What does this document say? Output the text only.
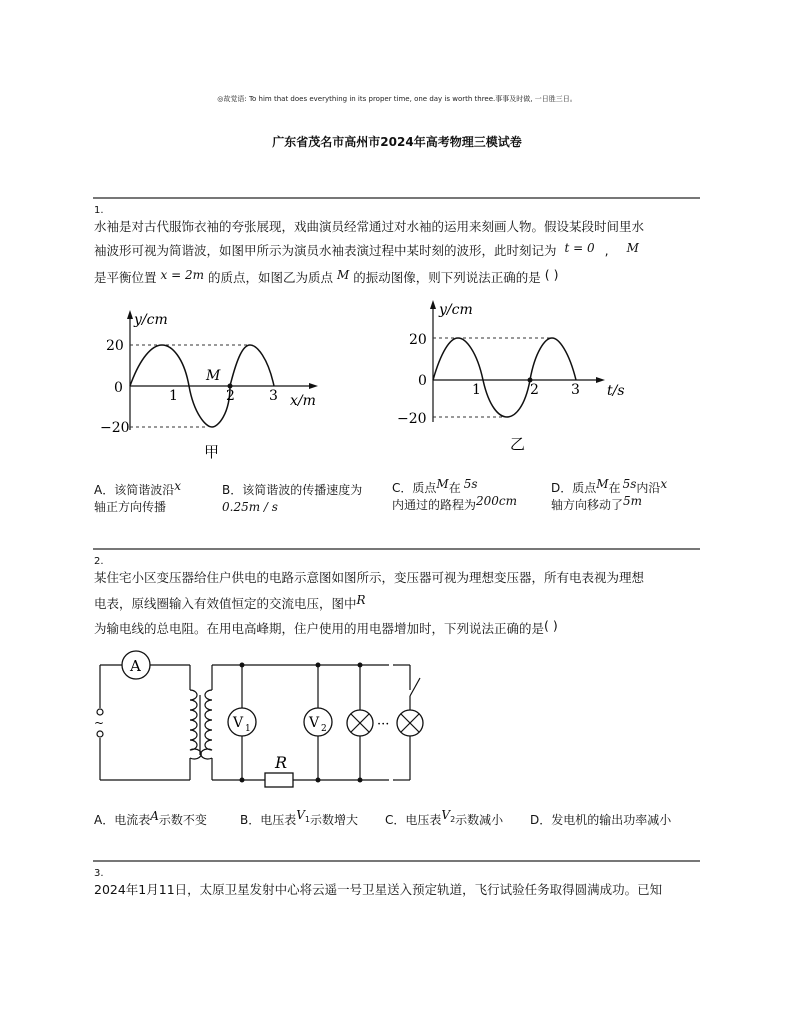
◎故觉语: To him that does everything in its proper time, one day is worth three.事事及时做, 一日胜三日。
广东省茂名市高州市2024年高考物理三模试卷
1.
水袖是对古代服饰衣袖的夸张展现，戏曲演员经常通过对水袖的运用来刻画人物。假设某段时间里水
袖波形可视为简谐波，如图甲所示为演员水袖表演过程中某时刻的波形，此时刻记为 t = 0 , M
是平衡位置 x = 2m 的质点，如图乙为质点 M 的振动图像，则下列说法正确的是 ( )
y/cm
x/m
20
0
−20
1	2 3
M
甲
y/cm
t/s
20
0
−20
1	2 3
乙
A．该简谐波沿x
轴正方向传播
B．该简谐波的传播速度为
0.25m / s
C．质点M在 5s
内通过的路程为200cm
D．质点M在 5s内沿x
轴方向移动了5m
2.
某住宅小区变压器给住户供电的电路示意图如图所示，变压器可视为理想变压器，所有电表视为理想
电表，原线圈输入有效值恒定的交流电压，图中R
为输电线的总电阻。在用电高峰期，住户使用的用电器增加时，下列说法正确的是( )
~
A
V 1	V 2	···
R
A．电流表A示数不变	B．电压表V1示数增大 C．电压表V2示数减小 D．发电机的输出功率减小
3.
2024年1月11日，太原卫星发射中心将云遥一号卫星送入预定轨道，飞行试验任务取得圆满成功。已知
